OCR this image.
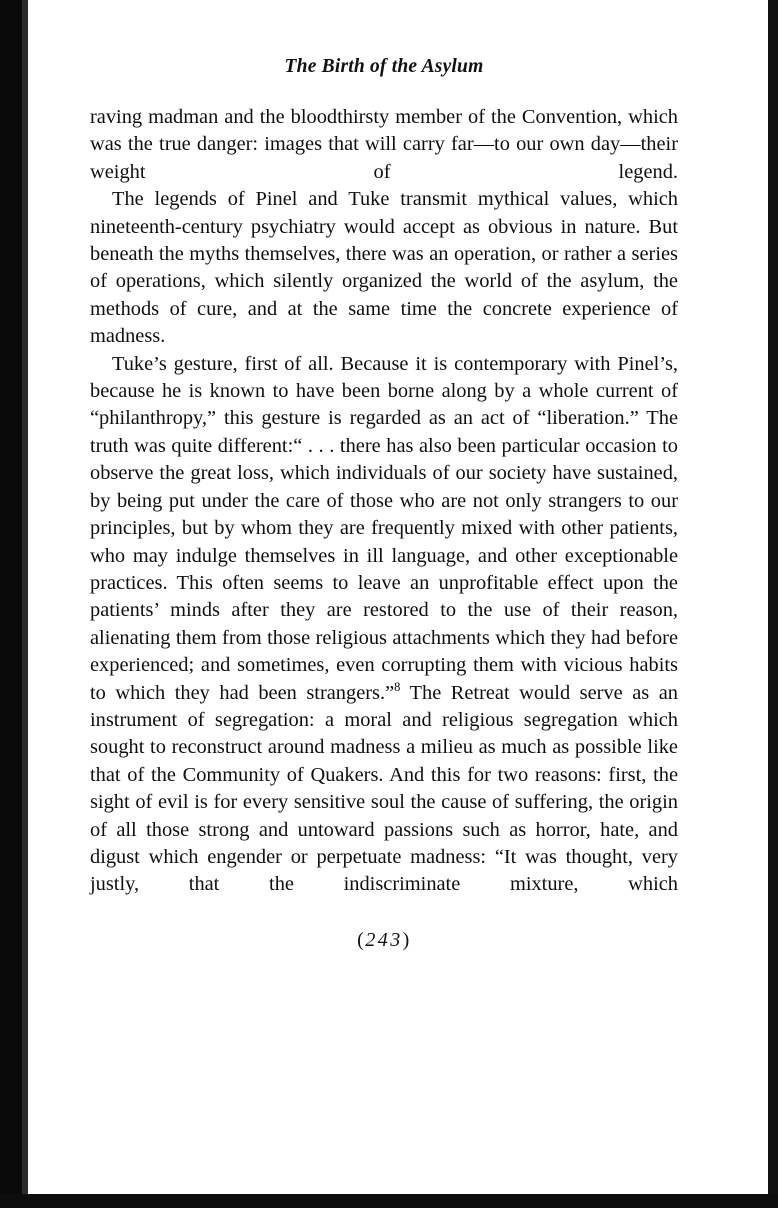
The Birth of the Asylum

raving madman and the bloodthirsty member of the Convention, which was the true danger: images that will carry far—to our own day—their weight of legend.

The legends of Pinel and Tuke transmit mythical values, which nineteenth-century psychiatry would accept as obvious in nature. But beneath the myths themselves, there was an operation, or rather a series of operations, which silently organized the world of the asylum, the methods of cure, and at the same time the concrete experience of madness.

Tuke’s gesture, first of all. Because it is contemporary with Pinel’s, because he is known to have been borne along by a whole current of “philanthropy,” this gesture is regarded as an act of “liberation.” The truth was quite different:“ . . . there has also been particular occasion to observe the great loss, which individuals of our society have sustained, by being put under the care of those who are not only strangers to our principles, but by whom they are frequently mixed with other patients, who may indulge themselves in ill language, and other exceptionable practices. This often seems to leave an unprofitable effect upon the patients’ minds after they are restored to the use of their reason, alienating them from those religious attachments which they had before experienced; and sometimes, even corrupting them with vicious habits to which they had been strangers.”$^8$ The Retreat would serve as an instrument of segregation: a moral and religious segregation which sought to reconstruct around madness a milieu as much as possible like that of the Community of Quakers. And this for two reasons: first, the sight of evil is for every sensitive soul the cause of suffering, the origin of all those strong and untoward passions such as horror, hate, and digust which engender or perpetuate madness: “It was thought, very justly, that the indiscriminate mixture, which

(243)
